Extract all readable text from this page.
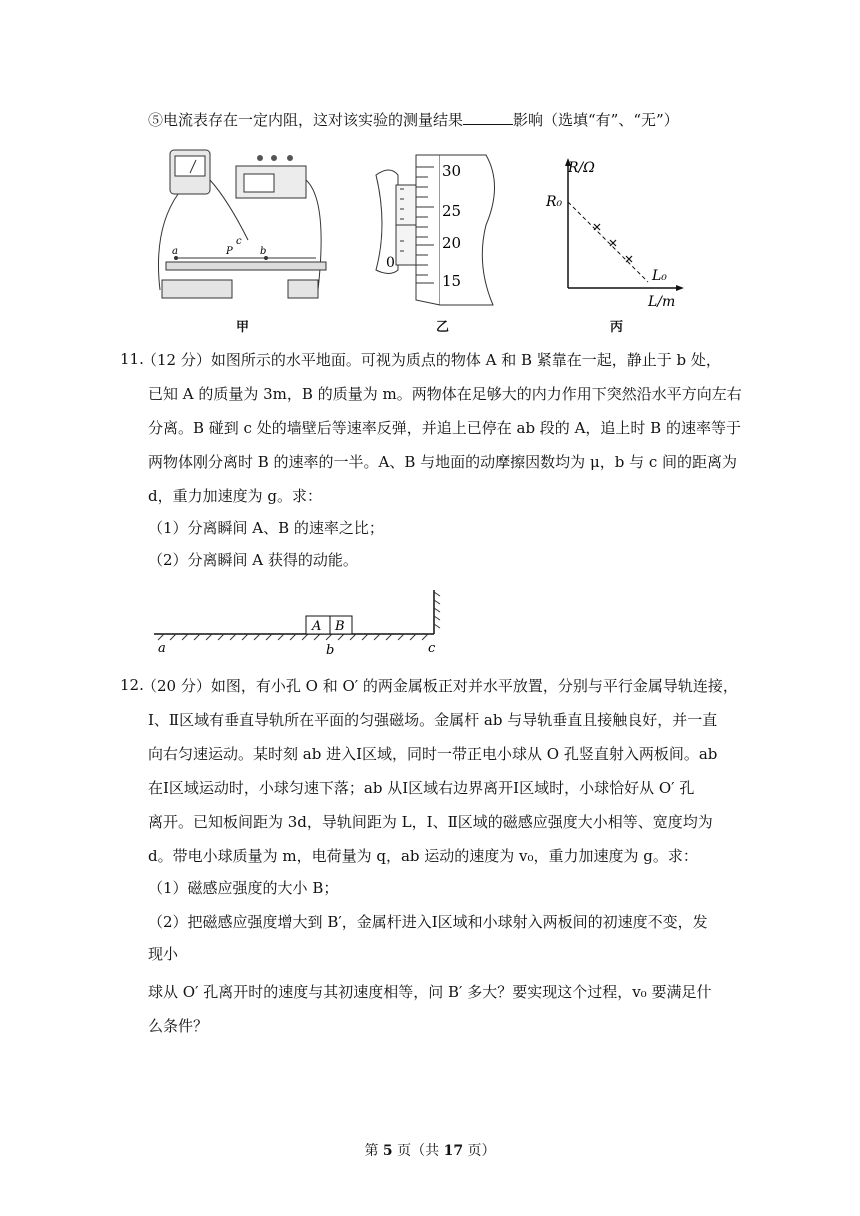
⑤电流表存在一定内阻，这对该实验的测量结果	影响（选填“有”、“无”）
a	b
c
P
甲
30
25
20
15
0
乙
R/Ω
R₀
L₀
L/m
丙
11.
（12 分）如图所示的水平地面。可视为质点的物体 A 和 B 紧靠在一起，静止于 b 处，
已知 A 的质量为 3m，B 的质量为 m。两物体在足够大的内力作用下突然沿水平方向左右
分离。B 碰到 c 处的墙壁后等速率反弹，并追上已停在 ab 段的 A，追上时 B 的速率等于
两物体刚分离时 B 的速率的一半。A、B 与地面的动摩擦因数均为 μ，b 与 c 间的距离为
d，重力加速度为 g。求：
（1）分离瞬间 A、B 的速率之比；
（2）分离瞬间 A 获得的动能。
A B
a	b	c
12.
（20 分）如图，有小孔 O 和 O′ 的两金属板正对并水平放置，分别与平行金属导轨连接，
Ⅰ、Ⅱ区域有垂直导轨所在平面的匀强磁场。金属杆 ab 与导轨垂直且接触良好，并一直
向右匀速运动。某时刻 ab 进入Ⅰ区域，同时一带正电小球从 O 孔竖直射入两板间。ab
在Ⅰ区域运动时，小球匀速下落；ab 从Ⅰ区域右边界离开Ⅰ区域时，小球恰好从 O′ 孔
离开。已知板间距为 3d，导轨间距为 L，Ⅰ、Ⅱ区域的磁感应强度大小相等、宽度均为
d。带电小球质量为 m，电荷量为 q，ab 运动的速度为 v₀，重力加速度为 g。求：
（1）磁感应强度的大小 B；
（2）把磁感应强度增大到 B′，金属杆进入Ⅰ区域和小球射入两板间的初速度不变，发
现小
球从 O′ 孔离开时的速度与其初速度相等，问 B′ 多大？要实现这个过程，v₀ 要满足什
么条件？
第 5 页（共 17 页）
